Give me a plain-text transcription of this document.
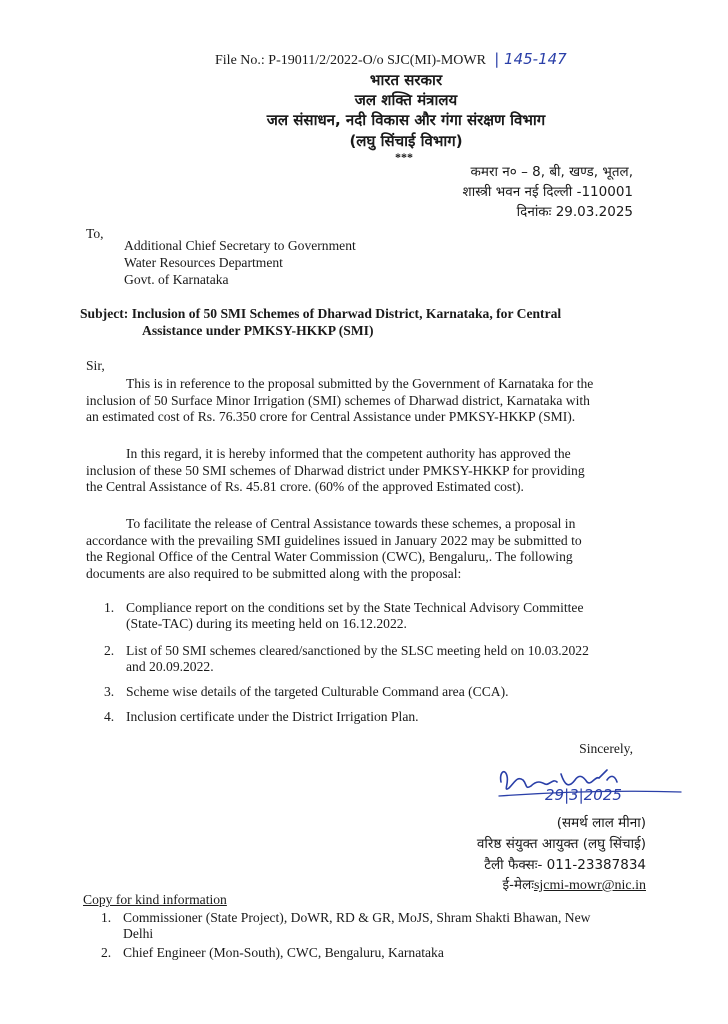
File No.: P-19011/2/2022-O/o SJC(MI)-MOWR  | 145-147
भारत सरकार
जल शक्ति मंत्रालय
जल संसाधन, नदी विकास और गंगा संरक्षण विभाग
(लघु सिंचाई विभाग)
***
कमरा न० – 8, बी, खण्ड, भूतल,
शास्त्री भवन नई दिल्ली -110001
दिनांकः 29.03.2025
To,
Additional Chief Secretary to Government
Water Resources Department
Govt. of Karnataka
Subject: Inclusion of 50 SMI Schemes of Dharwad District, Karnataka, for Central
Assistance under PMKSY-HKKP (SMI)
Sir,
This is in reference to the proposal submitted by the Government of Karnataka for the
inclusion of 50 Surface Minor Irrigation (SMI) schemes of Dharwad district, Karnataka with
an estimated cost of Rs. 76.350 crore for Central Assistance under PMKSY-HKKP (SMI).
In this regard, it is hereby informed that the competent authority has approved the
inclusion of these 50 SMI schemes of Dharwad district under PMKSY-HKKP for providing
the Central Assistance of Rs. 45.81 crore. (60% of the approved Estimated cost).
To facilitate the release of Central Assistance towards these schemes, a proposal in
accordance with the prevailing SMI guidelines issued in January 2022 may be submitted to
the Regional Office of the Central Water Commission (CWC), Bengaluru,. The following
documents are also required to be submitted along with the proposal:
1. Compliance report on the conditions set by the State Technical Advisory Committee
(State-TAC) during its meeting held on 16.12.2022.
2. List of 50 SMI schemes cleared/sanctioned by the SLSC meeting held on 10.03.2022
and 20.09.2022.
3. Scheme wise details of the targeted Culturable Command area (CCA).
4. Inclusion certificate under the District Irrigation Plan.
Sincerely,
29|3|2025
(समर्थ लाल मीना)
वरिष्ठ संयुक्त आयुक्त (लघु सिंचाई)
टैली फैक्सः- 011-23387834
ई-मेलःsjcmi-mowr@nic.in
Copy for kind information
1. Commissioner (State Project), DoWR, RD & GR, MoJS, Shram Shakti Bhawan, New
Delhi
2. Chief Engineer (Mon-South), CWC, Bengaluru, Karnataka
